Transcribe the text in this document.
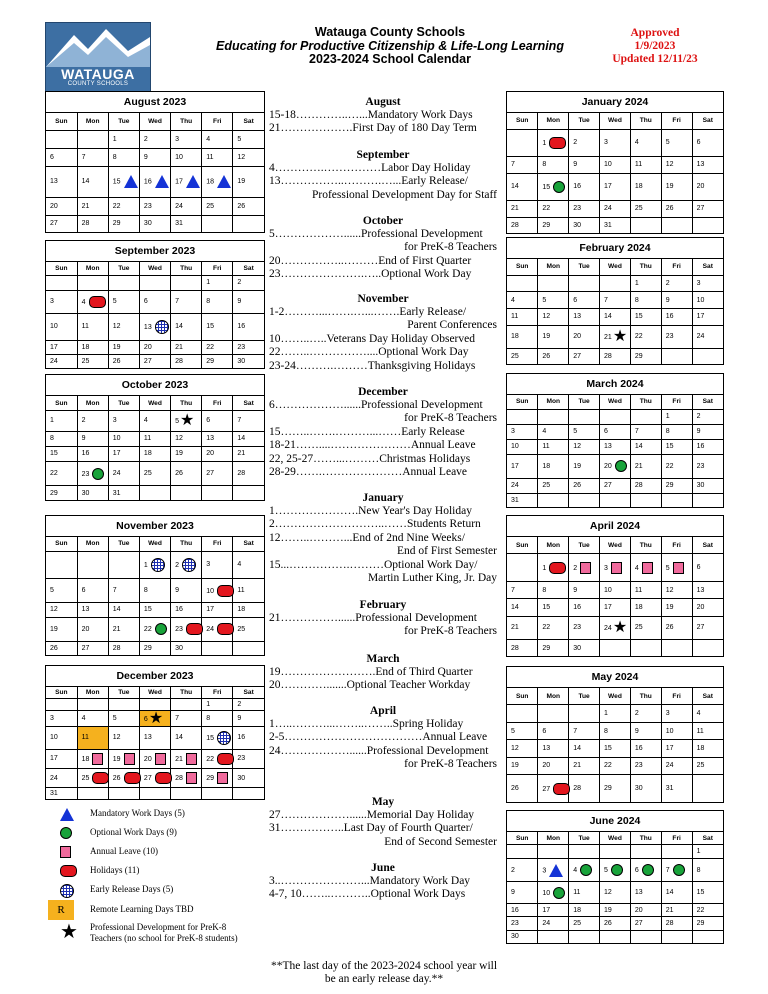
WATAUGA
COUNTY SCHOOLS
Watauga County Schools
Educating for Productive Citizenship & Life-Long Learning
2023-2024 School Calendar
Approved
1/9/2023
Updated 12/11/23
August 2023
Sun	Mon	Tue	Wed	Thu	Fri	Sat
		1	2	3	4	5
6	7	8	9	10	11	12
13	14	15	16	17	18	19
20	21	22	23	24	25	26
27	28	29	30	31		
September 2023
Sun	Mon	Tue	Wed	Thu	Fri	Sat
					1	2
3	4	5	6	7	8	9
10	11	12	13	14	15	16
17	18	19	20	21	22	23
24	25	26	27	28	29	30
October 2023
Sun	Mon	Tue	Wed	Thu	Fri	Sat
1	2	3	4	5★	6	7
8	9	10	11	12	13	14
15	16	17	18	19	20	21
22	23	24	25	26	27	28
29	30	31				
November 2023
Sun	Mon	Tue	Wed	Thu	Fri	Sat
			1	2	3	4
5	6	7	8	9	10	11
12	13	14	15	16	17	18
19	20	21	22	23	24	25
26	27	28	29	30		
December 2023
Sun	Mon	Tue	Wed	Thu	Fri	Sat
					1	2
3	4	5	6★	7	8	9
10	11	12	13	14	15	16
17	18	19	20	21	22	23
24	25	26	27	28	29	30
31						
January 2024
Sun	Mon	Tue	Wed	Thu	Fri	Sat
	1	2	3	4	5	6
7	8	9	10	11	12	13
14	15	16	17	18	19	20
21	22	23	24	25	26	27
28	29	30	31			
February 2024
Sun	Mon	Tue	Wed	Thu	Fri	Sat
				1	2	3
4	5	6	7	8	9	10
11	12	13	14	15	16	17
18	19	20	21★	22	23	24
25	26	27	28	29		
March 2024
Sun	Mon	Tue	Wed	Thu	Fri	Sat
					1	2
3	4	5	6	7	8	9
10	11	12	13	14	15	16
17	18	19	20	21	22	23
24	25	26	27	28	29	30
31						
April 2024
Sun	Mon	Tue	Wed	Thu	Fri	Sat
	1	2	3	4	5	6
7	8	9	10	11	12	13
14	15	16	17	18	19	20
21	22	23	24★	25	26	27
28	29	30				
May 2024
Sun	Mon	Tue	Wed	Thu	Fri	Sat
			1	2	3	4
5	6	7	8	9	10	11
12	13	14	15	16	17	18
19	20	21	22	23	24	25
26	27	28	29	30	31	
June 2024
Sun	Mon	Tue	Wed	Thu	Fri	Sat
						1
2	3	4	5	6	7	8
9	10	11	12	13	14	15
16	17	18	19	20	21	22
23	24	25	26	27	28	29
30						
August
15-18…………..…...Mandatory Work Days
21……………….First Day of 180 Day Term
September
4………….……………Labor Day Holiday
13……………..……….…...Early Release/
Professional Development Day for Staff
October
5………………......Professional Development
for PreK-8 Teachers
20……………..………End of First Quarter
23………………….…..Optional Work Day
November
1-2………...…….…...…….Early Release/
Parent Conferences
10……..…..Veterans Day Holiday Observed
22……..……………....Optional Work Day
23-24……….………Thanksgiving Holidays
December
6………………......Professional Development
for PreK-8 Teachers
15……..…….………...……Early Release
18-21……....…………………Annual Leave
22, 25-27……...………Christmas Holidays
28-29…….…………………Annual Leave
January
1………………….New Year's Day Holiday
2………………………..……Students Return
12……..………...End of 2nd Nine Weeks/
End of First Semester
15...…………….………Optional Work Day/
Martin Luther King, Jr. Day
February
21……………......Professional Development
for PreK-8 Teachers
March
19…………………….End of Third Quarter
20………….......Optional Teacher Workday
April
1…..………...……..……..Spring Holiday
2-5………………………………Annual Leave
24………………......Professional Development
for PreK-8 Teachers
May
27………………......Memorial Day Holiday
31……………..Last Day of Fourth Quarter/
End of Second Semester
June
3..…………………...Mandatory Work Day
4-7, 10……..………..Optional Work Days
Mandatory Work Days (5)
Optional Work Days (9)
Annual Leave (10)
Holidays (11)
Early Release Days (5)
R	Remote Learning Days TBD
★ Professional Development for PreK-8 Teachers (no school for PreK-8 students)
**The last day of the 2023-2024 school year will be an early release day.**
